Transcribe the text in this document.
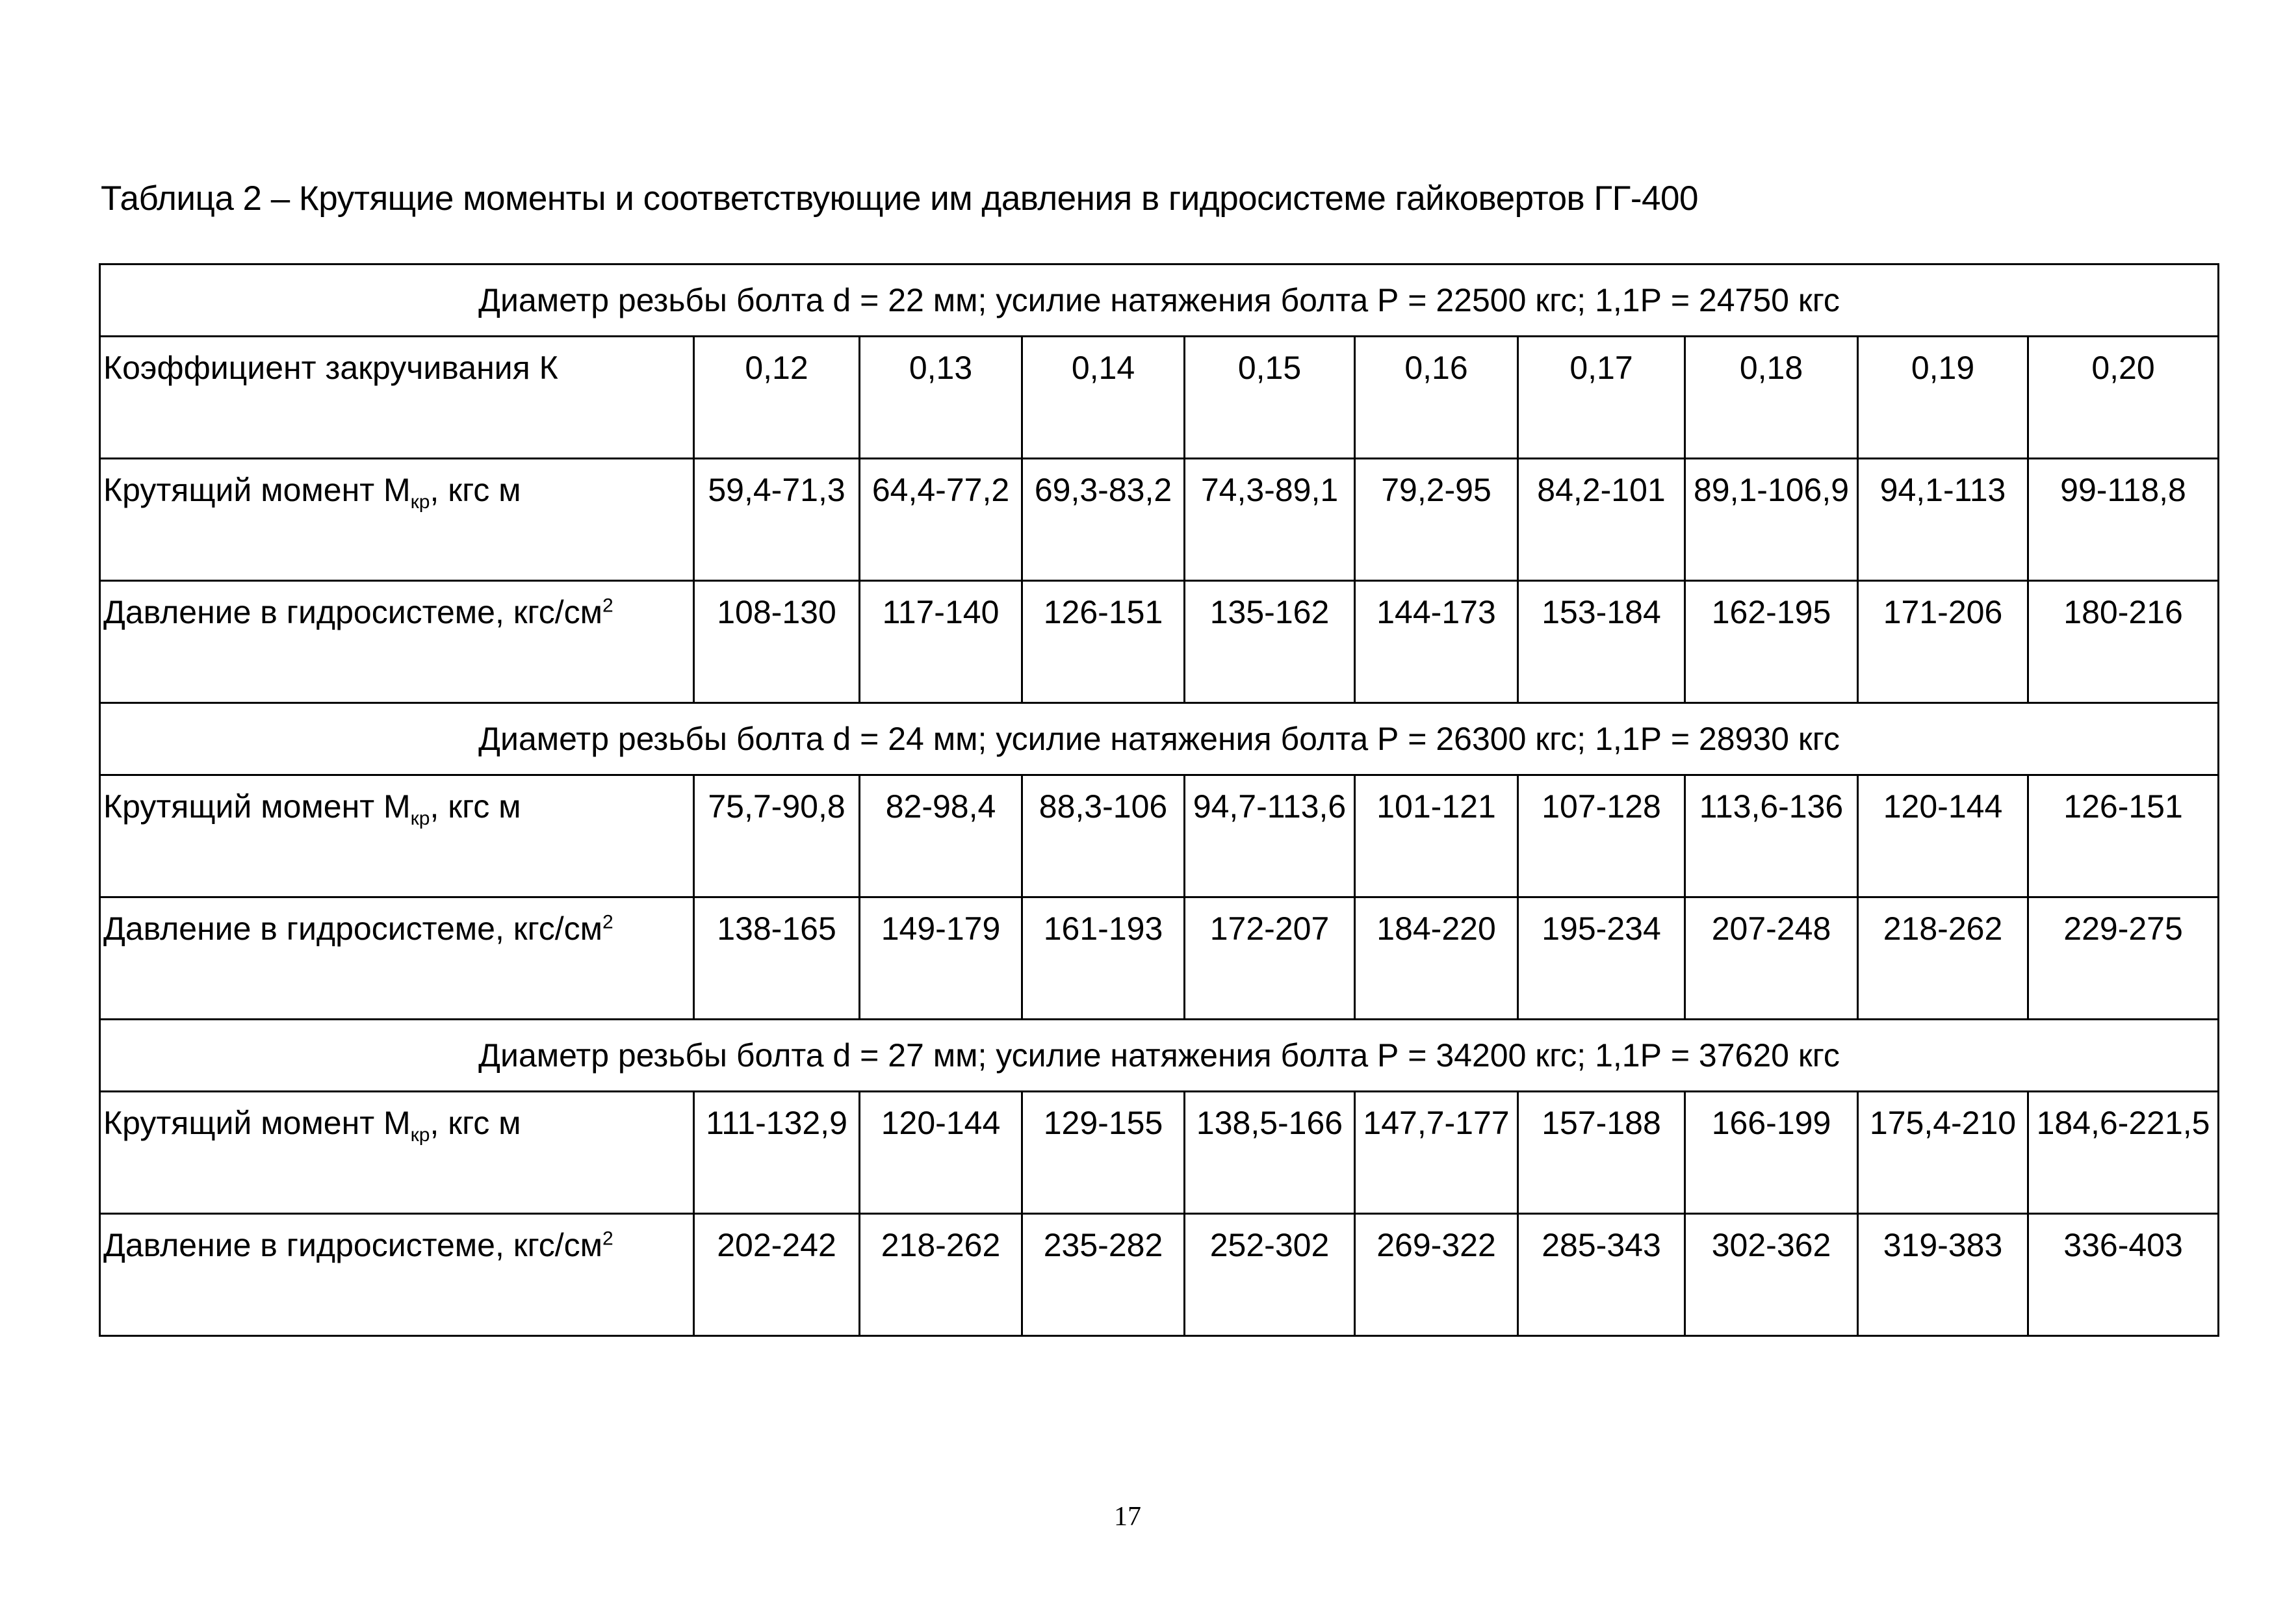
Таблица 2 – Крутящие моменты и соответствующие им давления в гидросистеме гайковертов ГГ-400
Диаметр резьбы болта d = 22 мм; усилие натяжения болта Р = 22500 кгс; 1,1Р = 24750 кгс									
Коэффициент закручивания К	0,12	0,13	0,14	0,15	0,16	0,17	0,18	0,19	0,20
Крутящий момент $М_{кр}$, кгс м	59,4-71,3	64,4-77,2	69,3-83,2	74,3-89,1	79,2-95	84,2-101	89,1-106,9	94,1-113	99-118,8
Давление в гидросистеме, кгс/$см^2$	108-130	117-140	126-151	135-162	144-173	153-184	162-195	171-206	180-216
Диаметр резьбы болта d = 24 мм; усилие натяжения болта Р = 26300 кгс; 1,1Р = 28930 кгс									
Крутящий момент $М_{кр}$, кгс м	75,7-90,8	82-98,4	88,3-106	94,7-113,6	101-121	107-128	113,6-136	120-144	126-151
Давление в гидросистеме, кгс/$см^2$	138-165	149-179	161-193	172-207	184-220	195-234	207-248	218-262	229-275
Диаметр резьбы болта d = 27 мм; усилие натяжения болта Р = 34200 кгс; 1,1Р = 37620 кгс									
Крутящий момент $М_{кр}$, кгс м	111-132,9	120-144	129-155	138,5-166	147,7-177	157-188	166-199	175,4-210	184,6-221,5
Давление в гидросистеме, кгс/$см^2$	202-242	218-262	235-282	252-302	269-322	285-343	302-362	319-383	336-403
17
